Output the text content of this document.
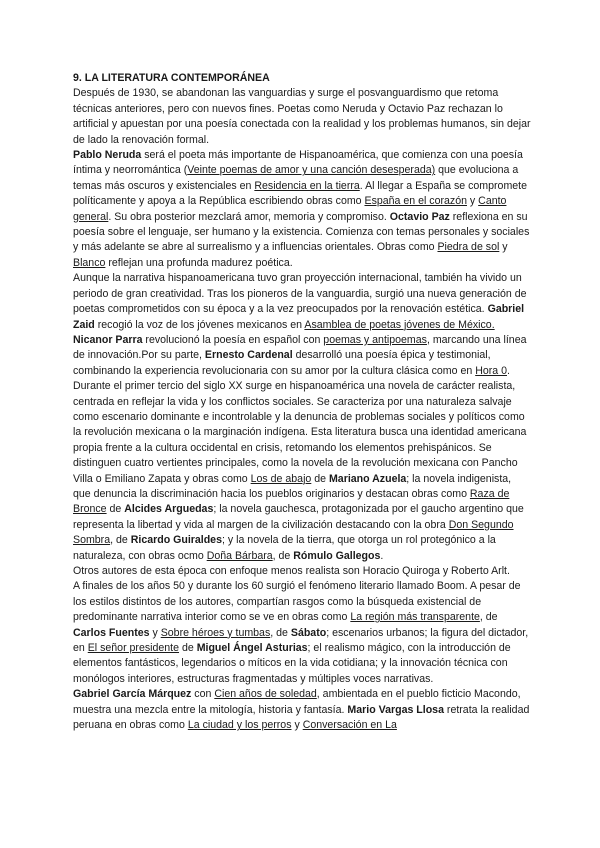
9. LA LITERATURA CONTEMPORÁNEA

Después de 1930, se abandonan las vanguardias y surge el posvanguardismo que retoma técnicas anteriores, pero con nuevos fines. Poetas como Neruda y Octavio Paz rechazan lo artificial y apuestan por una poesía conectada con la realidad y los problemas humanos, sin dejar de lado la renovación formal.

Pablo Neruda será el poeta más importante de Hispanoamérica, que comienza con una poesía íntima y neorromántica (Veinte poemas de amor y una canción desesperada) que evoluciona a temas más oscuros y existenciales en Residencia en la tierra. Al llegar a España se compromete políticamente y apoya a la República escribiendo obras como España en el corazón y Canto general. Su obra posterior mezclará amor, memoria y compromiso. Octavio Paz reflexiona en su poesía sobre el lenguaje, ser humano y la existencia. Comienza con temas personales y sociales y más adelante se abre al surrealismo y a influencias orientales. Obras como Piedra de sol y Blanco reflejan una profunda madurez poética.

Aunque la narrativa hispanoamericana tuvo gran proyección internacional, también ha vivido un periodo de gran creatividad. Tras los pioneros de la vanguardia, surgió una nueva generación de poetas comprometidos con su época y a la vez preocupados por la renovación estética. Gabriel Zaid recogió la voz de los jóvenes mexicanos en Asamblea de poetas jóvenes de México. Nicanor Parra revolucionó la poesía en español con poemas y antipoemas, marcando una línea de innovación.Por su parte, Ernesto Cardenal desarrolló una poesía épica y testimonial, combinando la experiencia revolucionaria con su amor por la cultura clásica como en Hora 0.

Durante el primer tercio del siglo XX surge en hispanoamérica una novela de carácter realista, centrada en reflejar la vida y los conflictos sociales. Se caracteriza por una naturaleza salvaje como escenario dominante e incontrolable y la denuncia de problemas sociales y políticos como la revolución mexicana o la marginación indígena. Esta literatura busca una identidad americana propia frente a la cultura occidental en crisis, retomando los elementos prehispánicos. Se distinguen cuatro vertientes principales, como la novela de la revolución mexicana con Pancho Villa o Emiliano Zapata y obras como Los de abajo de Mariano Azuela; la novela indigenista, que denuncia la discriminación hacia los pueblos originarios y destacan obras como Raza de Bronce de Alcides Arguedas; la novela gauchesca, protagonizada por el gaucho argentino que representa la libertad y vida al margen de la civilización destacando con la obra Don Segundo Sombra, de Ricardo Guiraldes; y la novela de la tierra, que otorga un rol protegónico a la naturaleza, con obras ocmo Doña Bárbara, de Rómulo Gallegos.

Otros autores de esta época con enfoque menos realista son Horacio Quiroga y Roberto Arlt.

A finales de los años 50 y durante los 60 surgió el fenómeno literario llamado Boom. A pesar de los estilos distintos de los autores, compartían rasgos como la búsqueda existencial de predominante narrativa interior como se ve en obras como La región más transparente, de Carlos Fuentes y Sobre héroes y tumbas, de Sábato; escenarios urbanos; la figura del dictador, en El señor presidente de Miguel Ángel Asturias; el realismo mágico, con la introducción de elementos fantásticos, legendarios o míticos en la vida cotidiana; y la innovación técnica con monólogos interiores, estructuras fragmentadas y múltiples voces narrativas.

Gabriel García Márquez con Cien años de soledad, ambientada en el pueblo ficticio Macondo, muestra una mezcla entre la mitología, historia y fantasía. Mario Vargas Llosa retrata la realidad peruana en obras como La ciudad y los perros y Conversación en La
